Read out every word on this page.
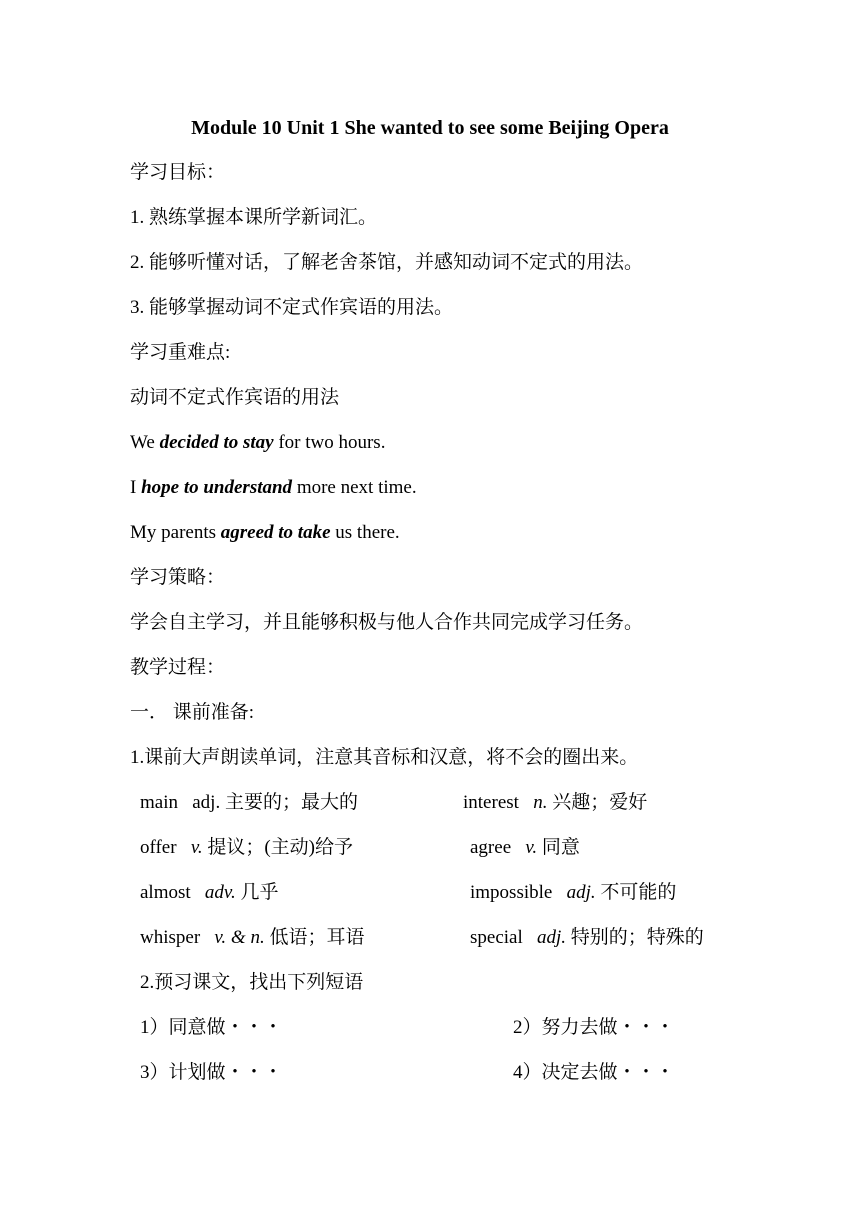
Module 10 Unit 1 She wanted to see some Beijing Opera
学习目标：
1. 熟练掌握本课所学新词汇。
2. 能够听懂对话，了解老舍茶馆，并感知动词不定式的用法。
3. 能够掌握动词不定式作宾语的用法。
学习重难点:
动词不定式作宾语的用法
We decided to stay for two hours.
I hope to understand more next time.
My parents agreed to take us there.
学习策略：
学会自主学习，并且能够积极与他人合作共同完成学习任务。
教学过程：
一． 课前准备:
1.课前大声朗读单词，注意其音标和汉意，将不会的圈出来。
main adj. 主要的；最大的	interest n. 兴趣；爱好
offer v. 提议；(主动)给予	agree v. 同意
almost adv. 几乎	impossible adj. 不可能的
whisper v. & n. 低语；耳语	special adj. 特别的；特殊的
2.预习课文，找出下列短语
1）同意做・・・	2）努力去做・・・
3）计划做・・・	4）决定去做・・・
